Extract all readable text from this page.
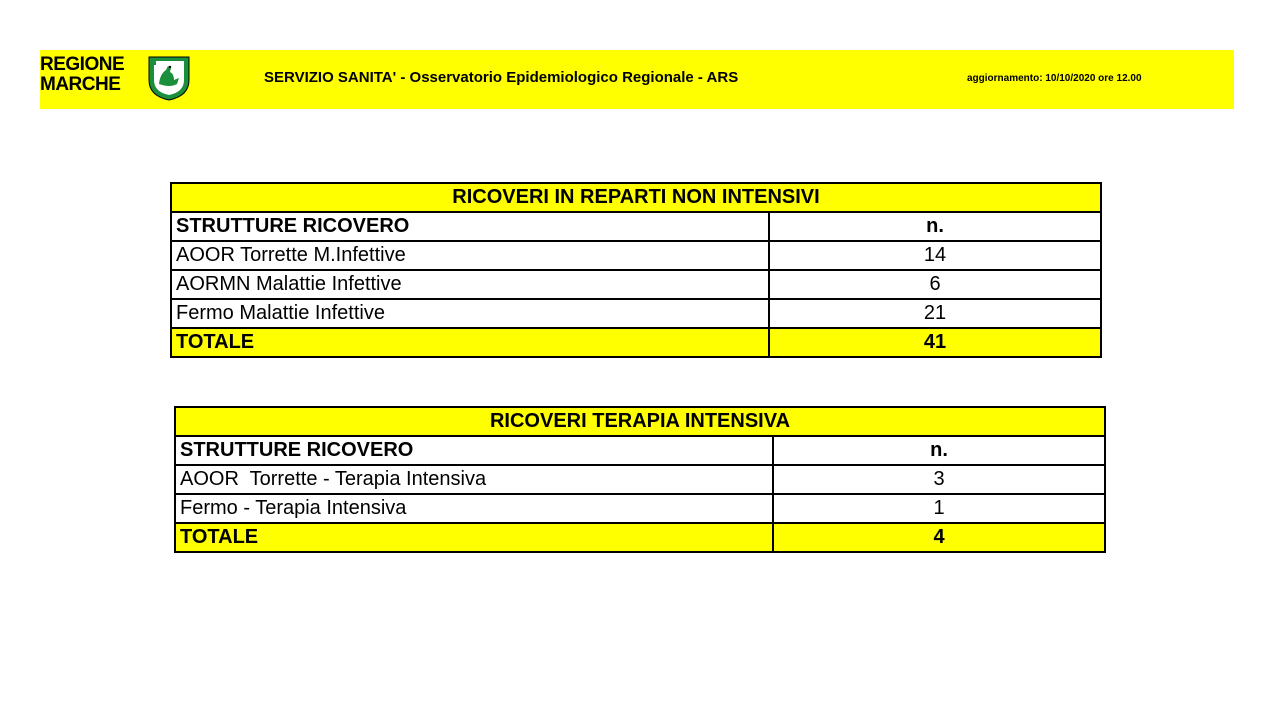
REGIONE
MARCHE	SERVIZIO SANITA' - Osservatorio Epidemiologico Regionale - ARS	aggiornamento: 10/10/2020 ore 12.00
RICOVERI IN REPARTI NON INTENSIVI	
STRUTTURE RICOVERO	n.
AOOR Torrette M.Infettive	14
AORMN Malattie Infettive	6
Fermo Malattie Infettive	21
TOTALE	41
RICOVERI TERAPIA INTENSIVA	
STRUTTURE RICOVERO	n.
AOOR  Torrette - Terapia Intensiva	3
Fermo - Terapia Intensiva	1
TOTALE	4
